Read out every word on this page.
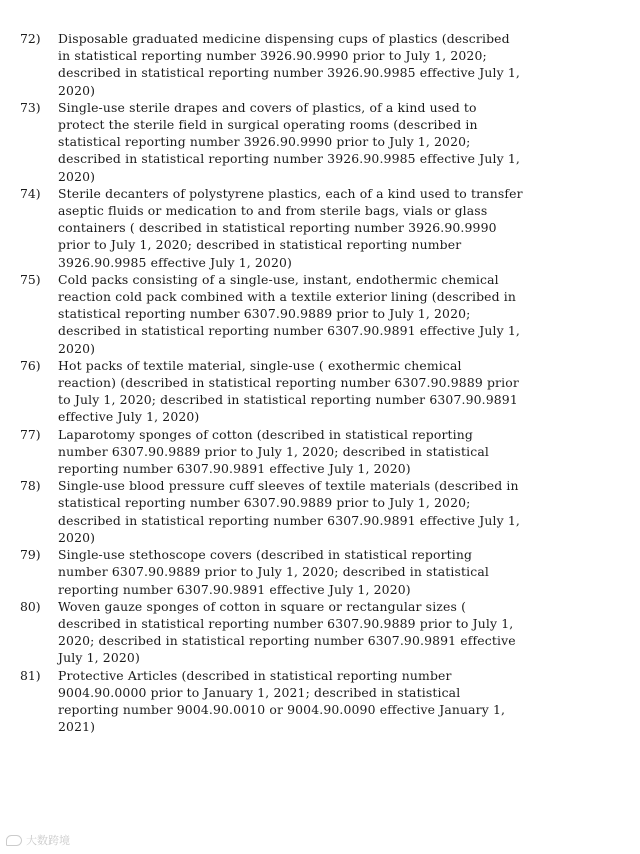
72)	Disposable graduated medicine dispensing cups of plastics (described in statistical reporting number 3926.90.9990 prior to July 1, 2020; described in statistical reporting number 3926.90.9985 effective July 1, 2020)
73)	Single-use sterile drapes and covers of plastics, of a kind used to protect the sterile field in surgical operating rooms (described in statistical reporting number 3926.90.9990 prior to July 1, 2020; described in statistical reporting number 3926.90.9985 effective July 1, 2020)
74)	Sterile decanters of polystyrene plastics, each of a kind used to transfer aseptic fluids or medication to and from sterile bags, vials or glass containers ( described in statistical reporting number 3926.90.9990 prior to July 1, 2020; described in statistical reporting number 3926.90.9985 effective July 1, 2020)
75)	Cold packs consisting of a single-use, instant, endothermic chemical reaction cold pack combined with a textile exterior lining (described in statistical reporting number 6307.90.9889 prior to July 1, 2020; described in statistical reporting number 6307.90.9891 effective July 1, 2020)
76)	Hot packs of textile material, single-use ( exothermic chemical reaction) (described in statistical reporting number 6307.90.9889 prior to July 1, 2020; described in statistical reporting number 6307.90.9891 effective July 1, 2020)
77)	Laparotomy sponges of cotton (described in statistical reporting number 6307.90.9889 prior to July 1, 2020; described in statistical reporting number 6307.90.9891 effective July 1, 2020)
78)	Single-use blood pressure cuff sleeves of textile materials (described in statistical reporting number 6307.90.9889 prior to July 1, 2020; described in statistical reporting number 6307.90.9891 effective July 1, 2020)
79)	Single-use stethoscope covers (described in statistical reporting number 6307.90.9889 prior to July 1, 2020; described in statistical reporting number 6307.90.9891 effective July 1, 2020)
80)	Woven gauze sponges of cotton in square or rectangular sizes ( described in statistical reporting number 6307.90.9889 prior to July 1, 2020; described in statistical reporting number 6307.90.9891 effective July 1, 2020)
81)	Protective Articles (described in statistical reporting number 9004.90.0000 prior to January 1, 2021; described in statistical reporting number 9004.90.0010 or 9004.90.0090 effective January 1, 2021)
大数跨境
